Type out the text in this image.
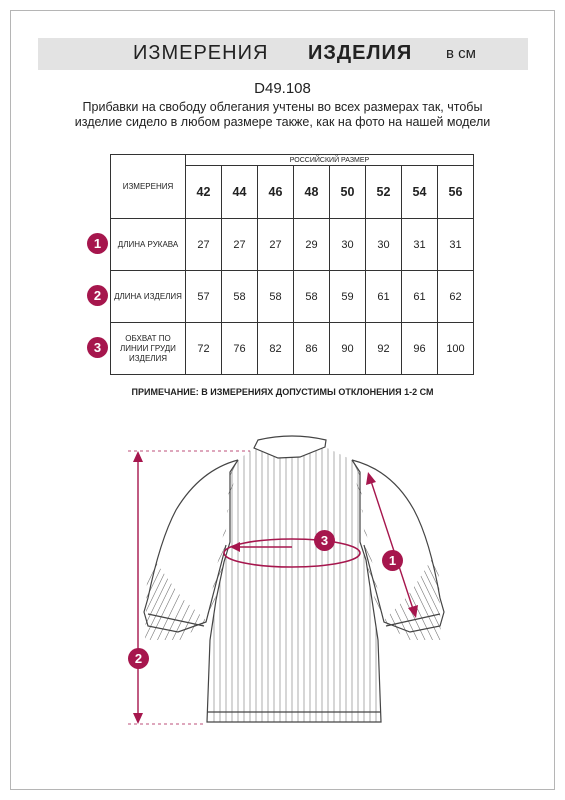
ИЗМЕРЕНИЯ ИЗДЕЛИЯ в см
D49.108
Прибавки на свободу облегания учтены во всех размерах так, чтобы изделие сидело в любом размере также, как на фото на нашей модели
ИЗМЕРЕНИЯ	РОССИЙСКИЙ РАЗМЕР							
	42	44	46	48	50	52	54	56
ДЛИНА РУКАВА	27	27	27	29	30	30	31	31
ДЛИНА ИЗДЕЛИЯ	57	58	58	58	59	61	61	62
ОБХВАТ ПО ЛИНИИ ГРУДИ ИЗДЕЛИЯ	72	76	82	86	90	92	96	100
1
2
3
ПРИМЕЧАНИЕ: В ИЗМЕРЕНИЯХ ДОПУСТИМЫ ОТКЛОНЕНИЯ 1-2 СМ
3
1
2
